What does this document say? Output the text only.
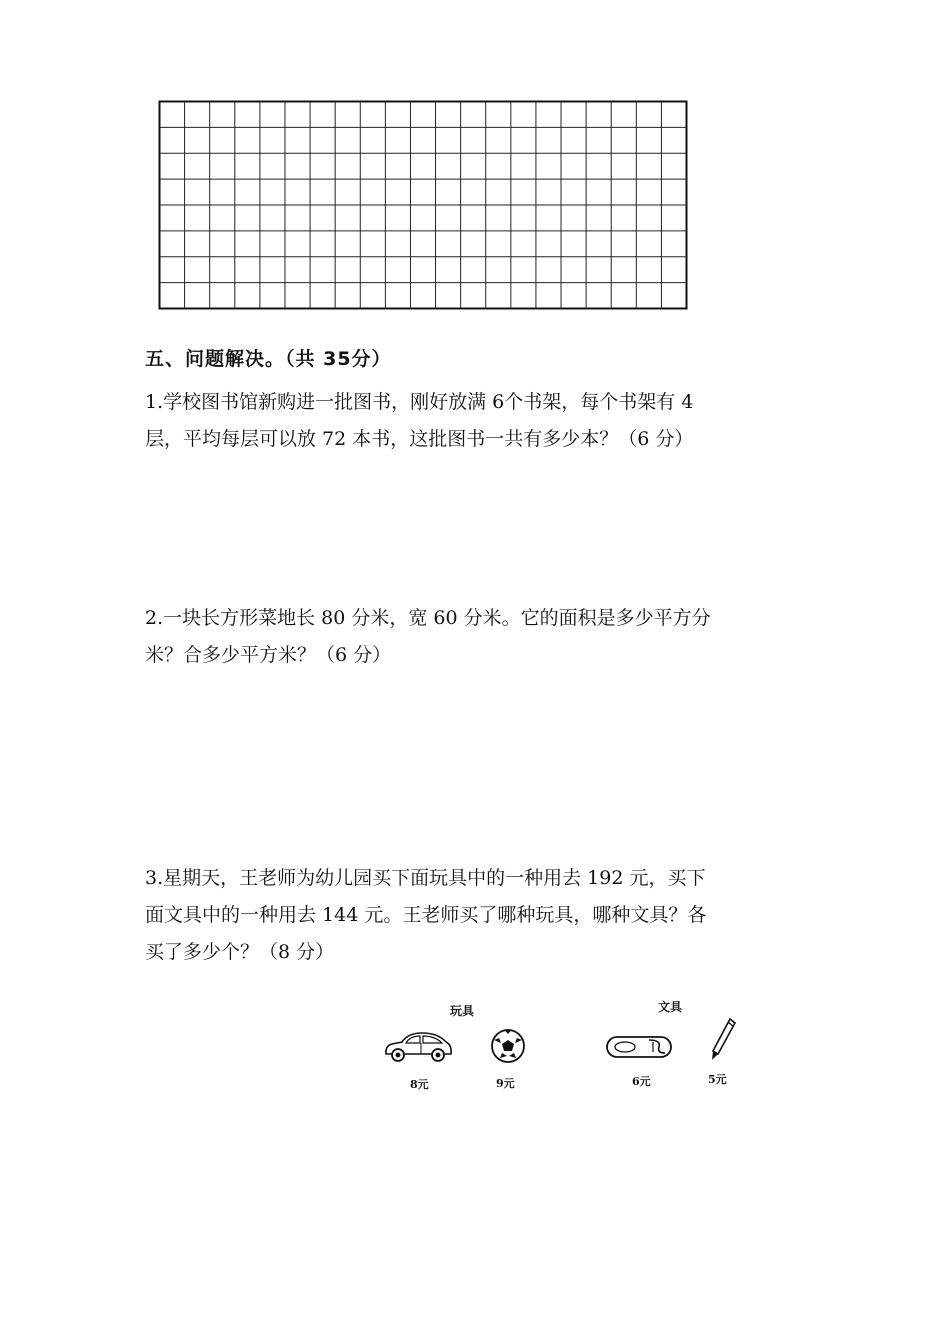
五、问题解决。（共 35分）
1.学校图书馆新购进一批图书，刚好放满 6个书架，每个书架有 4
层，平均每层可以放 72 本书，这批图书一共有多少本？（6 分）
2.一块长方形菜地长 80 分米，宽 60 分米。它的面积是多少平方分
米？合多少平方米？（6 分）
3.星期天，王老师为幼儿园买下面玩具中的一种用去 192 元，买下
面文具中的一种用去 144 元。王老师买了哪种玩具，哪种文具？各
买了多少个？（8 分）
玩具	文具
8元	9元	6元	5元
